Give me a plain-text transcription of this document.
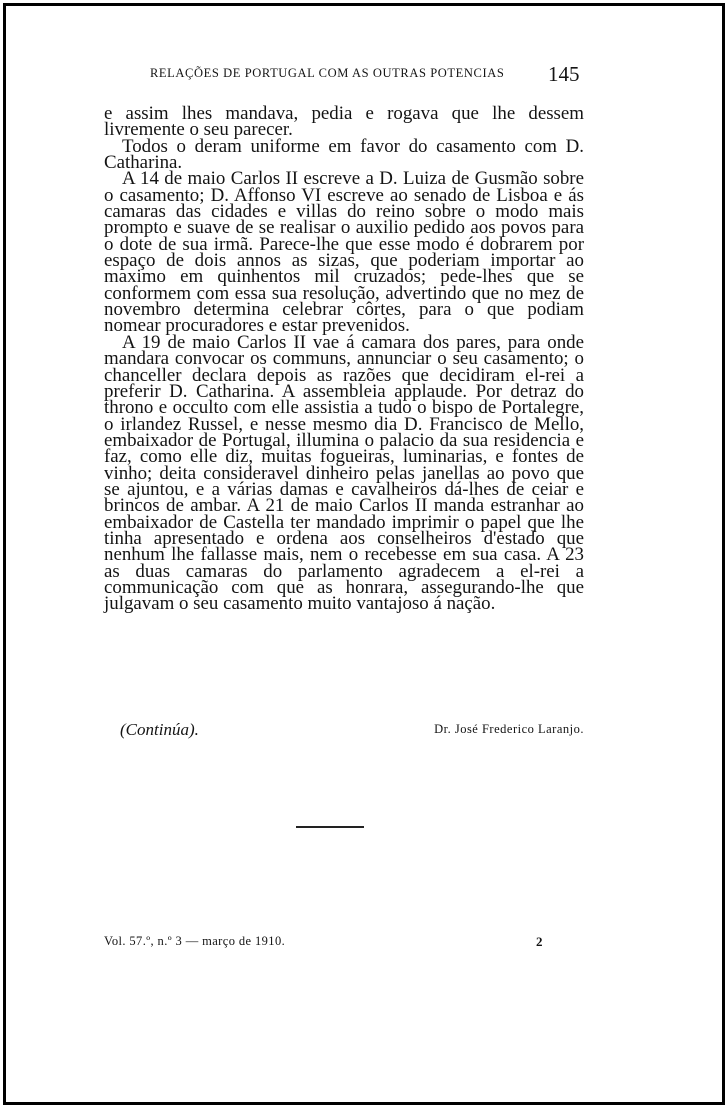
RELAÇÕES DE PORTUGAL COM AS OUTRAS POTENCIAS	145

e assim lhes mandava, pedia e rogava que lhe dessem livremente o seu parecer.

Todos o deram uniforme em favor do casamento com D. Catharina.

A 14 de maio Carlos II escreve a D. Luiza de Gusmão sobre o casamento; D. Affonso VI escreve ao senado de Lisboa e ás camaras das cidades e villas do reino sobre o modo mais prompto e suave de se realisar o auxilio pedido aos povos para o dote de sua irmã. Parece-lhe que esse modo é dobrarem por espaço de dois annos as sizas, que poderiam importar ao maximo em quinhentos mil cruzados; pede-lhes que se conformem com essa sua resolução, advertindo que no mez de novembro determina celebrar côrtes, para o que podiam nomear procuradores e estar prevenidos.

A 19 de maio Carlos II vae á camara dos pares, para onde mandara convocar os communs, annunciar o seu casamento; o chanceller declara depois as razões que decidiram el-rei a preferir D. Catharina. A assembleia applaude. Por detraz do throno e occulto com elle assistia a tudo o bispo de Portalegre, o irlandez Russel, e nesse mesmo dia D. Francisco de Mello, embaixador de Portugal, illumina o palacio da sua residencia e faz, como elle diz, muitas fogueiras, luminarias, e fontes de vinho; deita consideravel dinheiro pelas janellas ao povo que se ajuntou, e a várias damas e cavalheiros dá-lhes de ceiar e brincos de ambar. A 21 de maio Carlos II manda estranhar ao embaixador de Castella ter mandado imprimir o papel que lhe tinha apresentado e ordena aos conselheiros d'estado que nenhum lhe fallasse mais, nem o recebesse em sua casa. A 23 as duas camaras do parlamento agradecem a el-rei a communicação com que as honrara, assegurando-lhe que julgavam o seu casamento muito vantajoso á nação.

(Continúa).	Dr. José Frederico Laranjo.
Vol. 57.º, n.º 3 — março de 1910.	2
